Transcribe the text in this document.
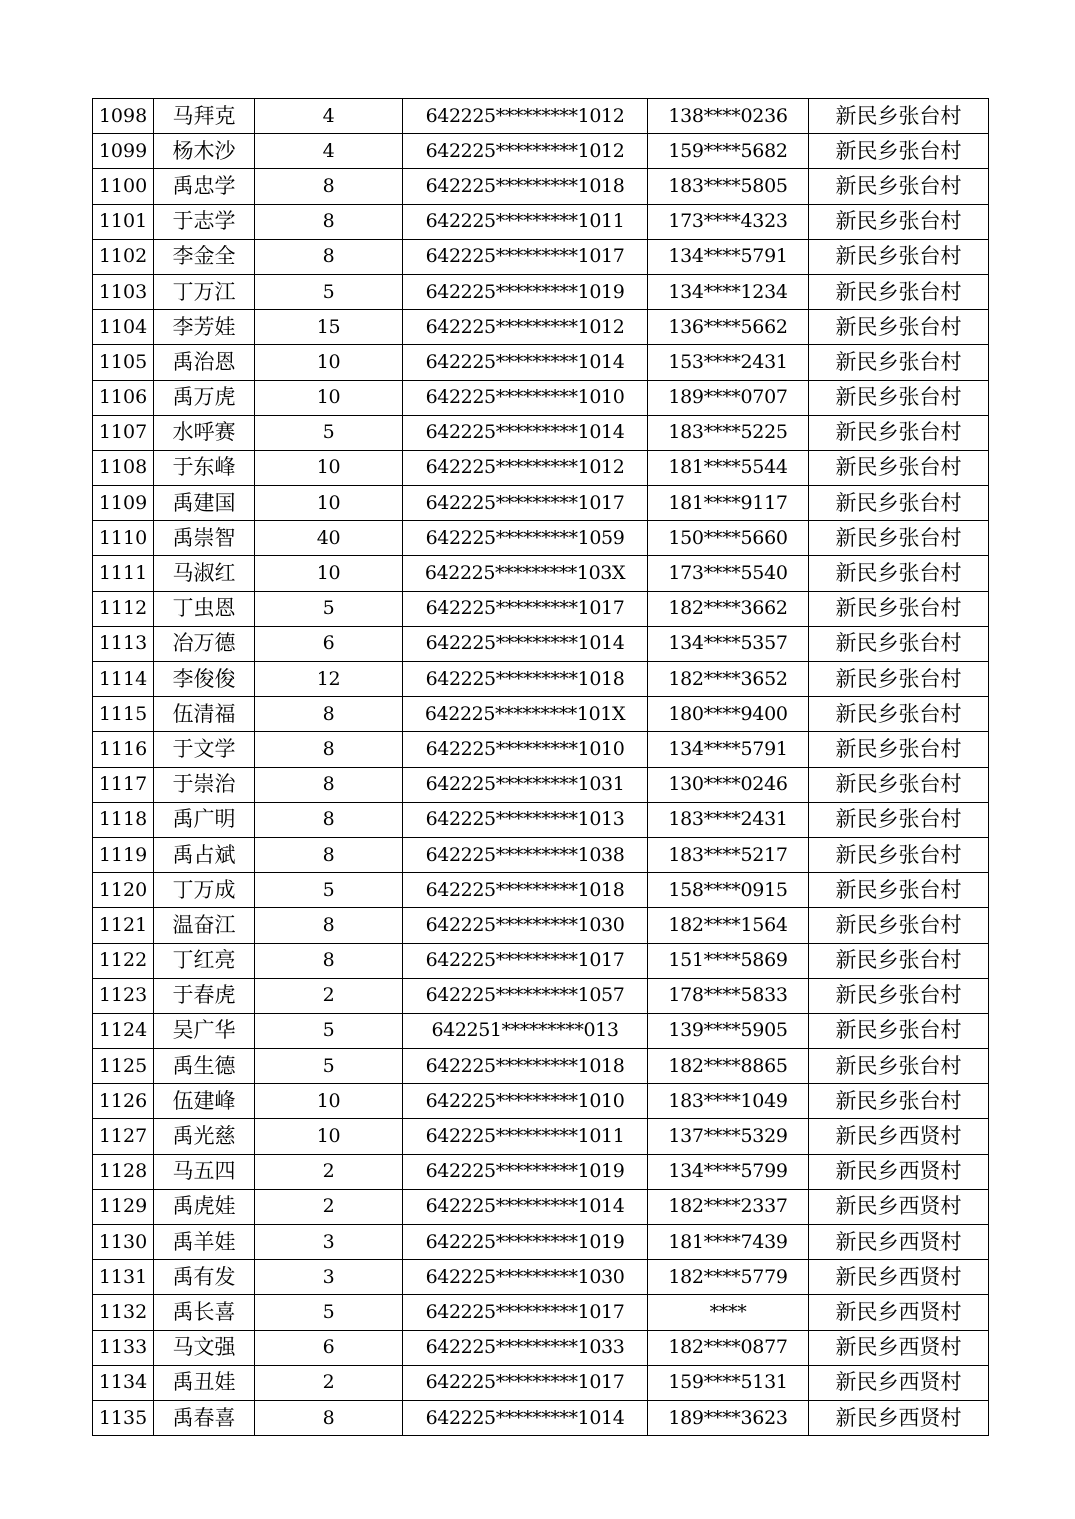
1098	马拜克	4	642225*********1012	138****0236	新民乡张台村
1099	杨木沙	4	642225*********1012	159****5682	新民乡张台村
1100	禹忠学	8	642225*********1018	183****5805	新民乡张台村
1101	于志学	8	642225*********1011	173****4323	新民乡张台村
1102	李金全	8	642225*********1017	134****5791	新民乡张台村
1103	丁万江	5	642225*********1019	134****1234	新民乡张台村
1104	李芳娃	15	642225*********1012	136****5662	新民乡张台村
1105	禹治恩	10	642225*********1014	153****2431	新民乡张台村
1106	禹万虎	10	642225*********1010	189****0707	新民乡张台村
1107	水呼赛	5	642225*********1014	183****5225	新民乡张台村
1108	于东峰	10	642225*********1012	181****5544	新民乡张台村
1109	禹建国	10	642225*********1017	181****9117	新民乡张台村
1110	禹崇智	40	642225*********1059	150****5660	新民乡张台村
1111	马淑红	10	642225*********103X	173****5540	新民乡张台村
1112	丁虫恩	5	642225*********1017	182****3662	新民乡张台村
1113	冶万德	6	642225*********1014	134****5357	新民乡张台村
1114	李俊俊	12	642225*********1018	182****3652	新民乡张台村
1115	伍清福	8	642225*********101X	180****9400	新民乡张台村
1116	于文学	8	642225*********1010	134****5791	新民乡张台村
1117	于崇治	8	642225*********1031	130****0246	新民乡张台村
1118	禹广明	8	642225*********1013	183****2431	新民乡张台村
1119	禹占斌	8	642225*********1038	183****5217	新民乡张台村
1120	丁万成	5	642225*********1018	158****0915	新民乡张台村
1121	温奋江	8	642225*********1030	182****1564	新民乡张台村
1122	丁红亮	8	642225*********1017	151****5869	新民乡张台村
1123	于春虎	2	642225*********1057	178****5833	新民乡张台村
1124	吴广华	5	642251*********013	139****5905	新民乡张台村
1125	禹生德	5	642225*********1018	182****8865	新民乡张台村
1126	伍建峰	10	642225*********1010	183****1049	新民乡张台村
1127	禹光慈	10	642225*********1011	137****5329	新民乡西贤村
1128	马五四	2	642225*********1019	134****5799	新民乡西贤村
1129	禹虎娃	2	642225*********1014	182****2337	新民乡西贤村
1130	禹羊娃	3	642225*********1019	181****7439	新民乡西贤村
1131	禹有发	3	642225*********1030	182****5779	新民乡西贤村
1132	禹长喜	5	642225*********1017	****	新民乡西贤村
1133	马文强	6	642225*********1033	182****0877	新民乡西贤村
1134	禹丑娃	2	642225*********1017	159****5131	新民乡西贤村
1135	禹春喜	8	642225*********1014	189****3623	新民乡西贤村
